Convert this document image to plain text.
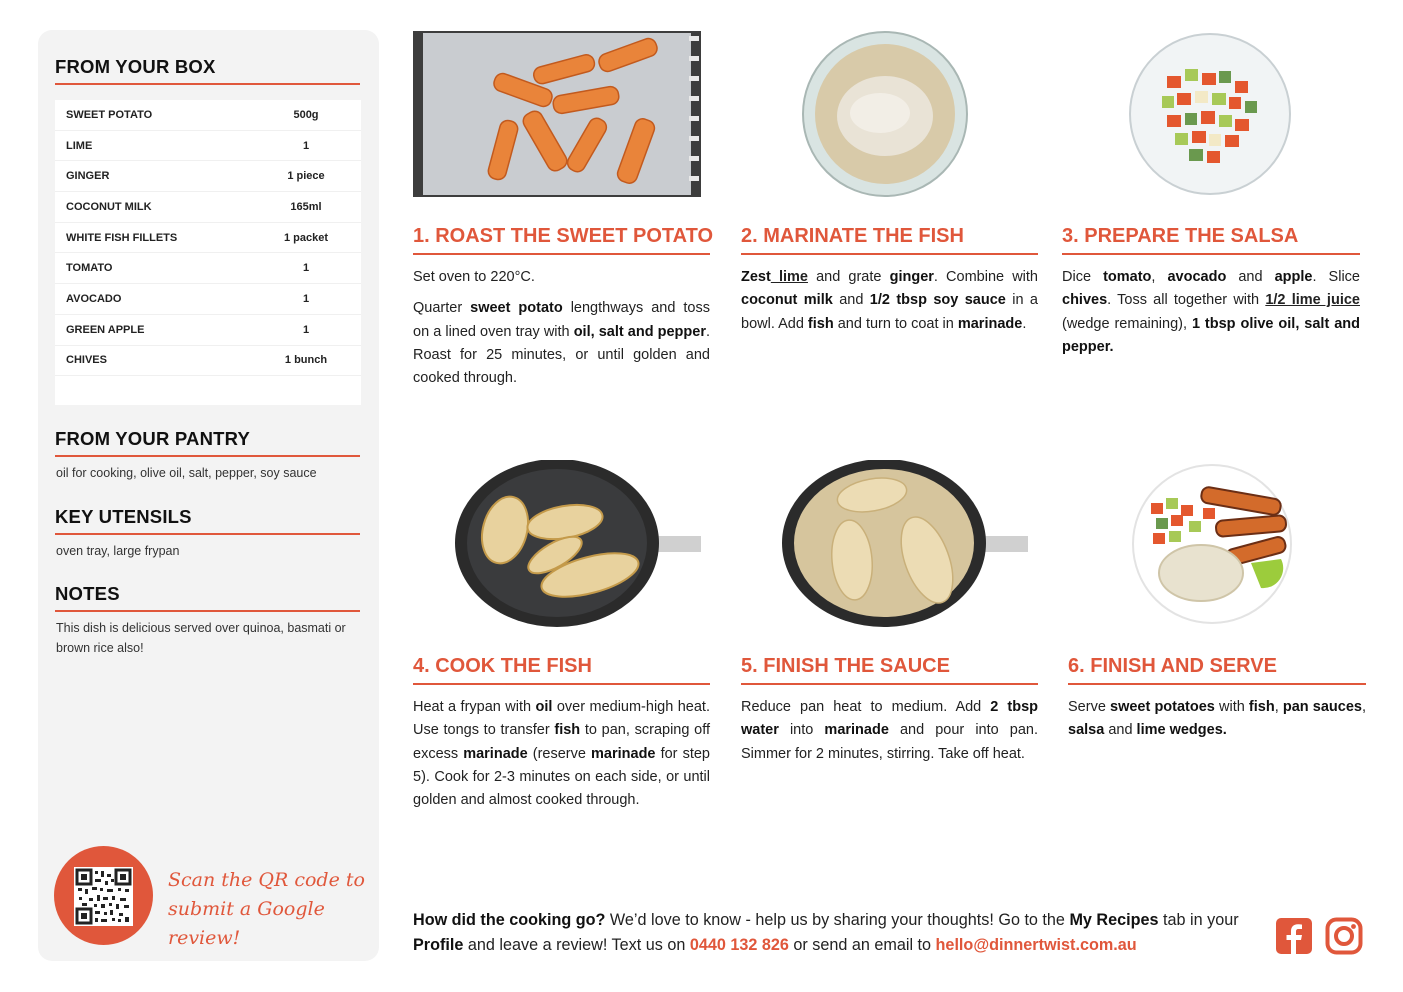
FROM YOUR BOX
SWEET POTATO	500g
LIME	1
GINGER	1 piece
COCONUT MILK	165ml
WHITE FISH FILLETS	1 packet
TOMATO	1
AVOCADO	1
GREEN APPLE	1
CHIVES	1 bunch
FROM YOUR PANTRY
oil for cooking, olive oil, salt, pepper, soy sauce
KEY UTENSILS
oven tray, large frypan
NOTES
This dish is delicious served over quinoa, basmati or brown rice also!
Scan the QR code to
submit a Google review!
1. ROAST THE SWEET POTATO

Set oven to 220°C.

Quarter sweet potato lengthways and toss on a lined oven tray with oil, salt and pepper. Roast for 25 minutes, or until golden and cooked through.

2. MARINATE THE FISH

Zest lime and grate ginger. Combine with coconut milk and 1/2 tbsp soy sauce in a bowl. Add fish and turn to coat in marinade.

3. PREPARE THE SALSA

Dice tomato, avocado and apple. Slice chives. Toss all together with 1/2 lime juice (wedge remaining), 1 tbsp olive oil, salt and pepper.

4. COOK THE FISH

Heat a frypan with oil over medium-high heat. Use tongs to transfer fish to pan, scraping off excess marinade (reserve marinade for step 5). Cook for 2-3 minutes on each side, or until golden and almost cooked through.

5. FINISH THE SAUCE

Reduce pan heat to medium. Add 2 tbsp water into marinade and pour into pan. Simmer for 2 minutes, stirring. Take off heat.

6. FINISH AND SERVE

Serve sweet potatoes with fish, pan sauces, salsa and lime wedges.

How did the cooking go? We’d love to know - help us by sharing your thoughts! Go to the My Recipes tab in your Profile and leave a review! Text us on 0440 132 826 or send an email to hello@dinnertwist.com.au
